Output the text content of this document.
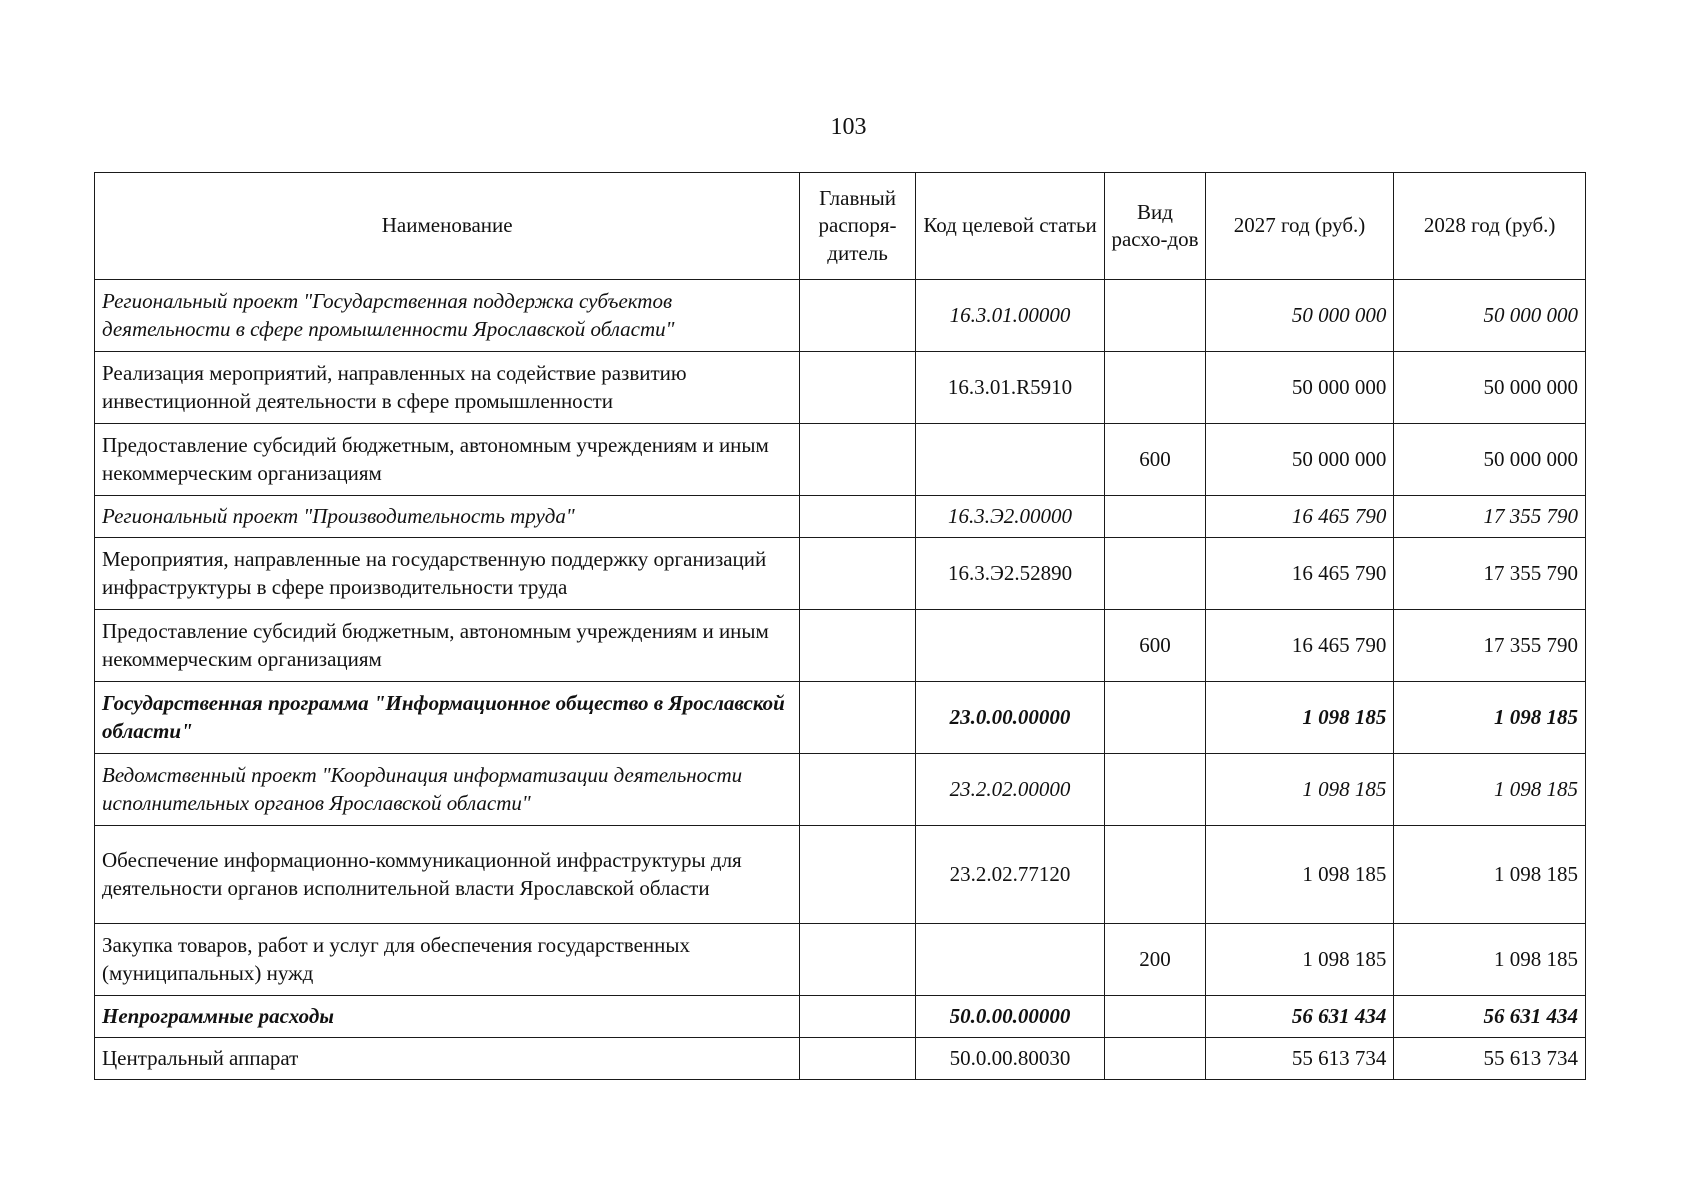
103
Наименование	Главный распоря-дитель	Код целевой статьи	Вид расхо-дов	2027 год (руб.)	2028 год (руб.)
Региональный проект "Государственная поддержка субъектов деятельности в сфере промышленности Ярославской области"		16.3.01.00000		50 000 000	50 000 000
Реализация мероприятий, направленных на содействие развитию инвестиционной деятельности в сфере промышленности		16.3.01.R5910		50 000 000	50 000 000
Предоставление субсидий бюджетным, автономным учреждениям и иным некоммерческим организациям			600	50 000 000	50 000 000
Региональный проект "Производительность труда"		16.3.Э2.00000		16 465 790	17 355 790
Мероприятия, направленные на государственную поддержку организаций инфраструктуры в сфере производительности труда		16.3.Э2.52890		16 465 790	17 355 790
Предоставление субсидий бюджетным, автономным учреждениям и иным некоммерческим организациям			600	16 465 790	17 355 790
Государственная программа "Информационное общество в Ярославской области"		23.0.00.00000		1 098 185	1 098 185
Ведомственный проект "Координация информатизации деятельности исполнительных органов Ярославской области"		23.2.02.00000		1 098 185	1 098 185
Обеспечение информационно-коммуникационной инфраструктуры для деятельности органов исполнительной власти Ярославской области		23.2.02.77120		1 098 185	1 098 185
Закупка товаров, работ и услуг для обеспечения государственных (муниципальных) нужд			200	1 098 185	1 098 185
Непрограммные расходы		50.0.00.00000		56 631 434	56 631 434
Центральный аппарат		50.0.00.80030		55 613 734	55 613 734
